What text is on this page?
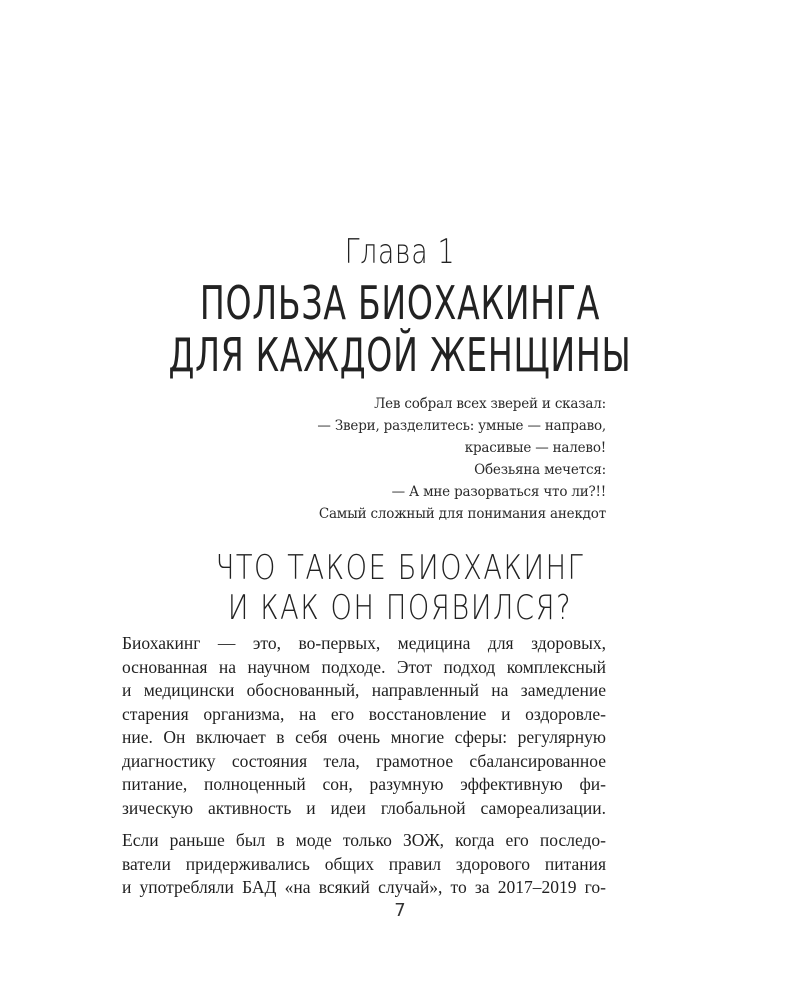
Глава 1
ПОЛЬЗА БИОХАКИНГА
ДЛЯ КАЖДОЙ ЖЕНЩИНЫ
Лев собрал всех зверей и сказал:
— Звери, разделитесь: умные — направо,
красивые — налево!
Обезьяна мечется:
— А мне разорваться что ли?!!
Самый сложный для понимания анекдот
ЧТО ТАКОЕ БИОХАКИНГ
И КАК ОН ПОЯВИЛСЯ?
Биохакинг — это, во-первых, медицина для здоровых,
основанная на научном подходе. Этот подход комплексный
и медицински обоснованный, направленный на замедление
старения организма, на его восстановление и оздоровле-
ние. Он включает в себя очень многие сферы: регулярную
диагностику состояния тела, грамотное сбалансированное
питание, полноценный сон, разумную эффективную фи-
зическую активность и идеи глобальной самореализации.
Если раньше был в моде только ЗОЖ, когда его последо-
ватели придерживались общих правил здорового питания
и употребляли БАД «на всякий случай», то за 2017–2019 го-
7
